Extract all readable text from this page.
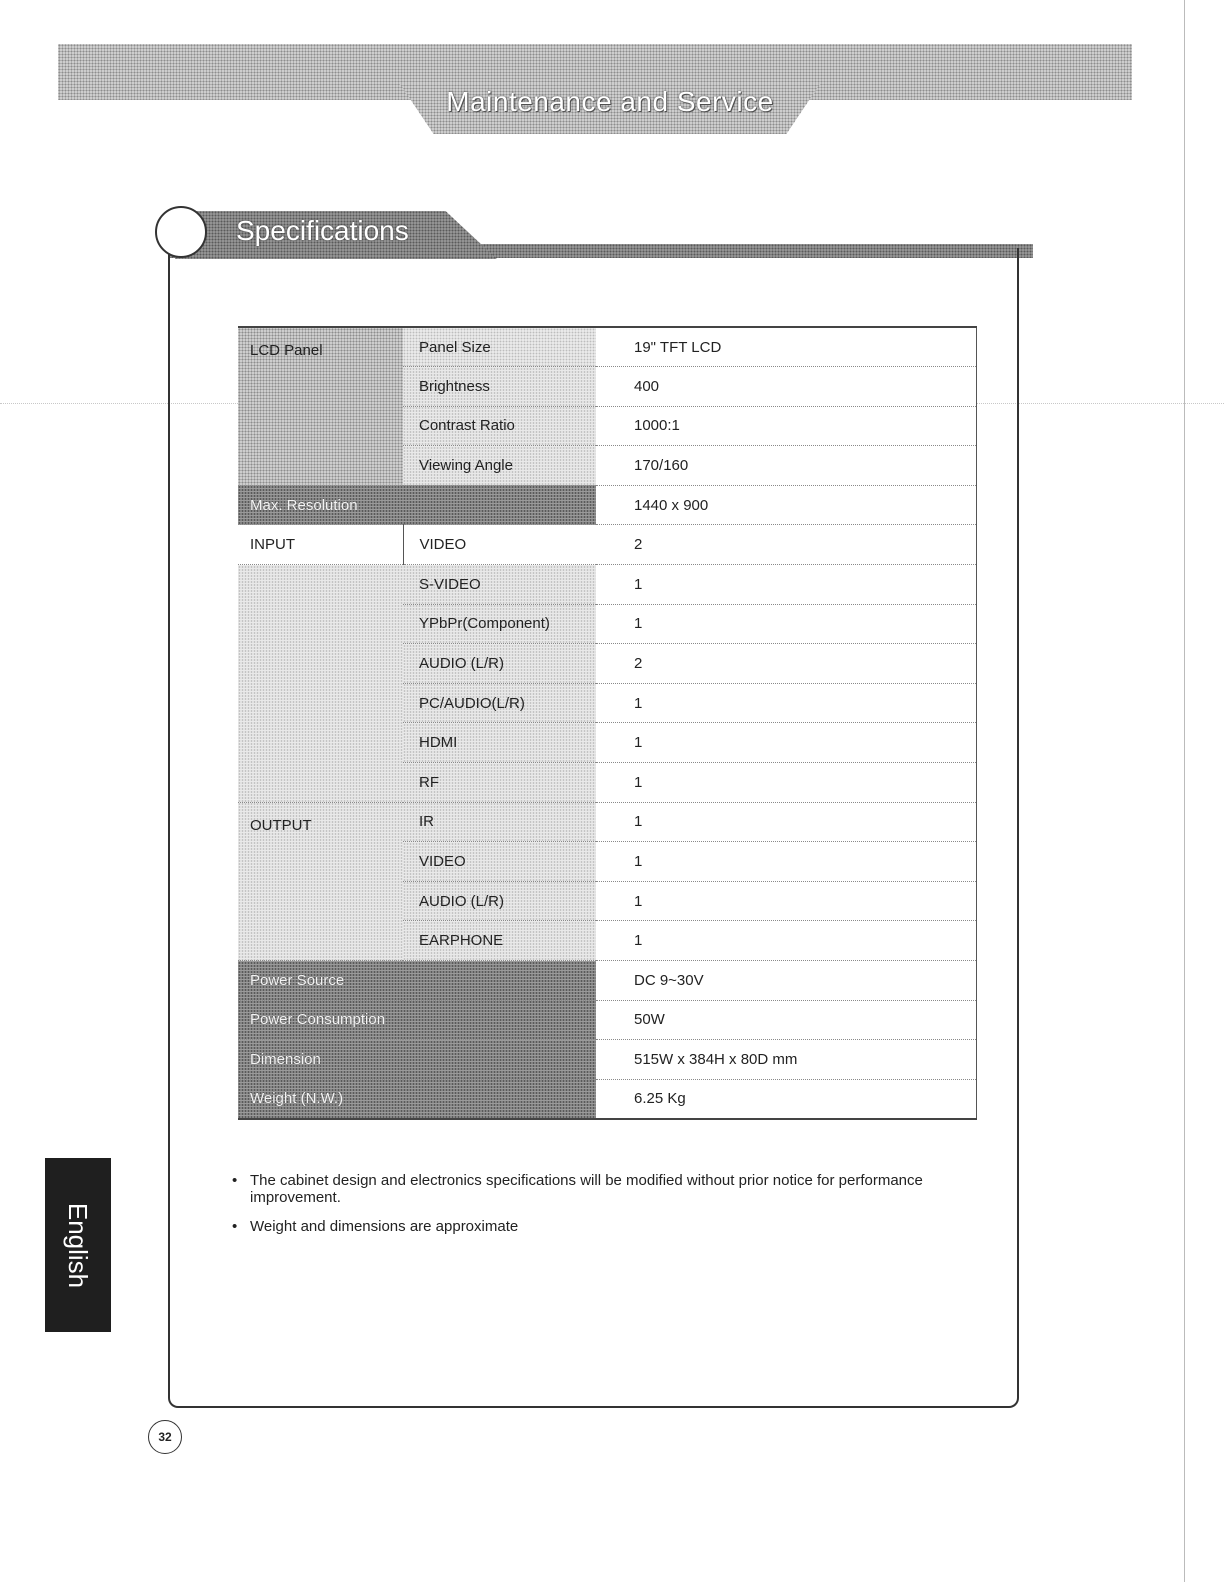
Maintenance and Service
Specifications
LCD Panel	Panel Size	19" TFT LCD
	Brightness	400
	Contrast Ratio	1000:1
	Viewing Angle	170/160
Max. Resolution		1440 x 900
INPUT	VIDEO	2
	S-VIDEO	1
	YPbPr(Component)	1
	AUDIO (L/R)	2
	PC/AUDIO(L/R)	1
	HDMI	1
	RF	1
OUTPUT	IR	1
	VIDEO	1
	AUDIO (L/R)	1
	EARPHONE	1
Power Source		DC 9~30V
Power Consumption		50W
Dimension		515W x 384H x 80D mm
Weight (N.W.)		6.25 Kg
• The cabinet design and electronics specifications will be modified without prior notice for performance improvement.
• Weight and dimensions are approximate
English
32
